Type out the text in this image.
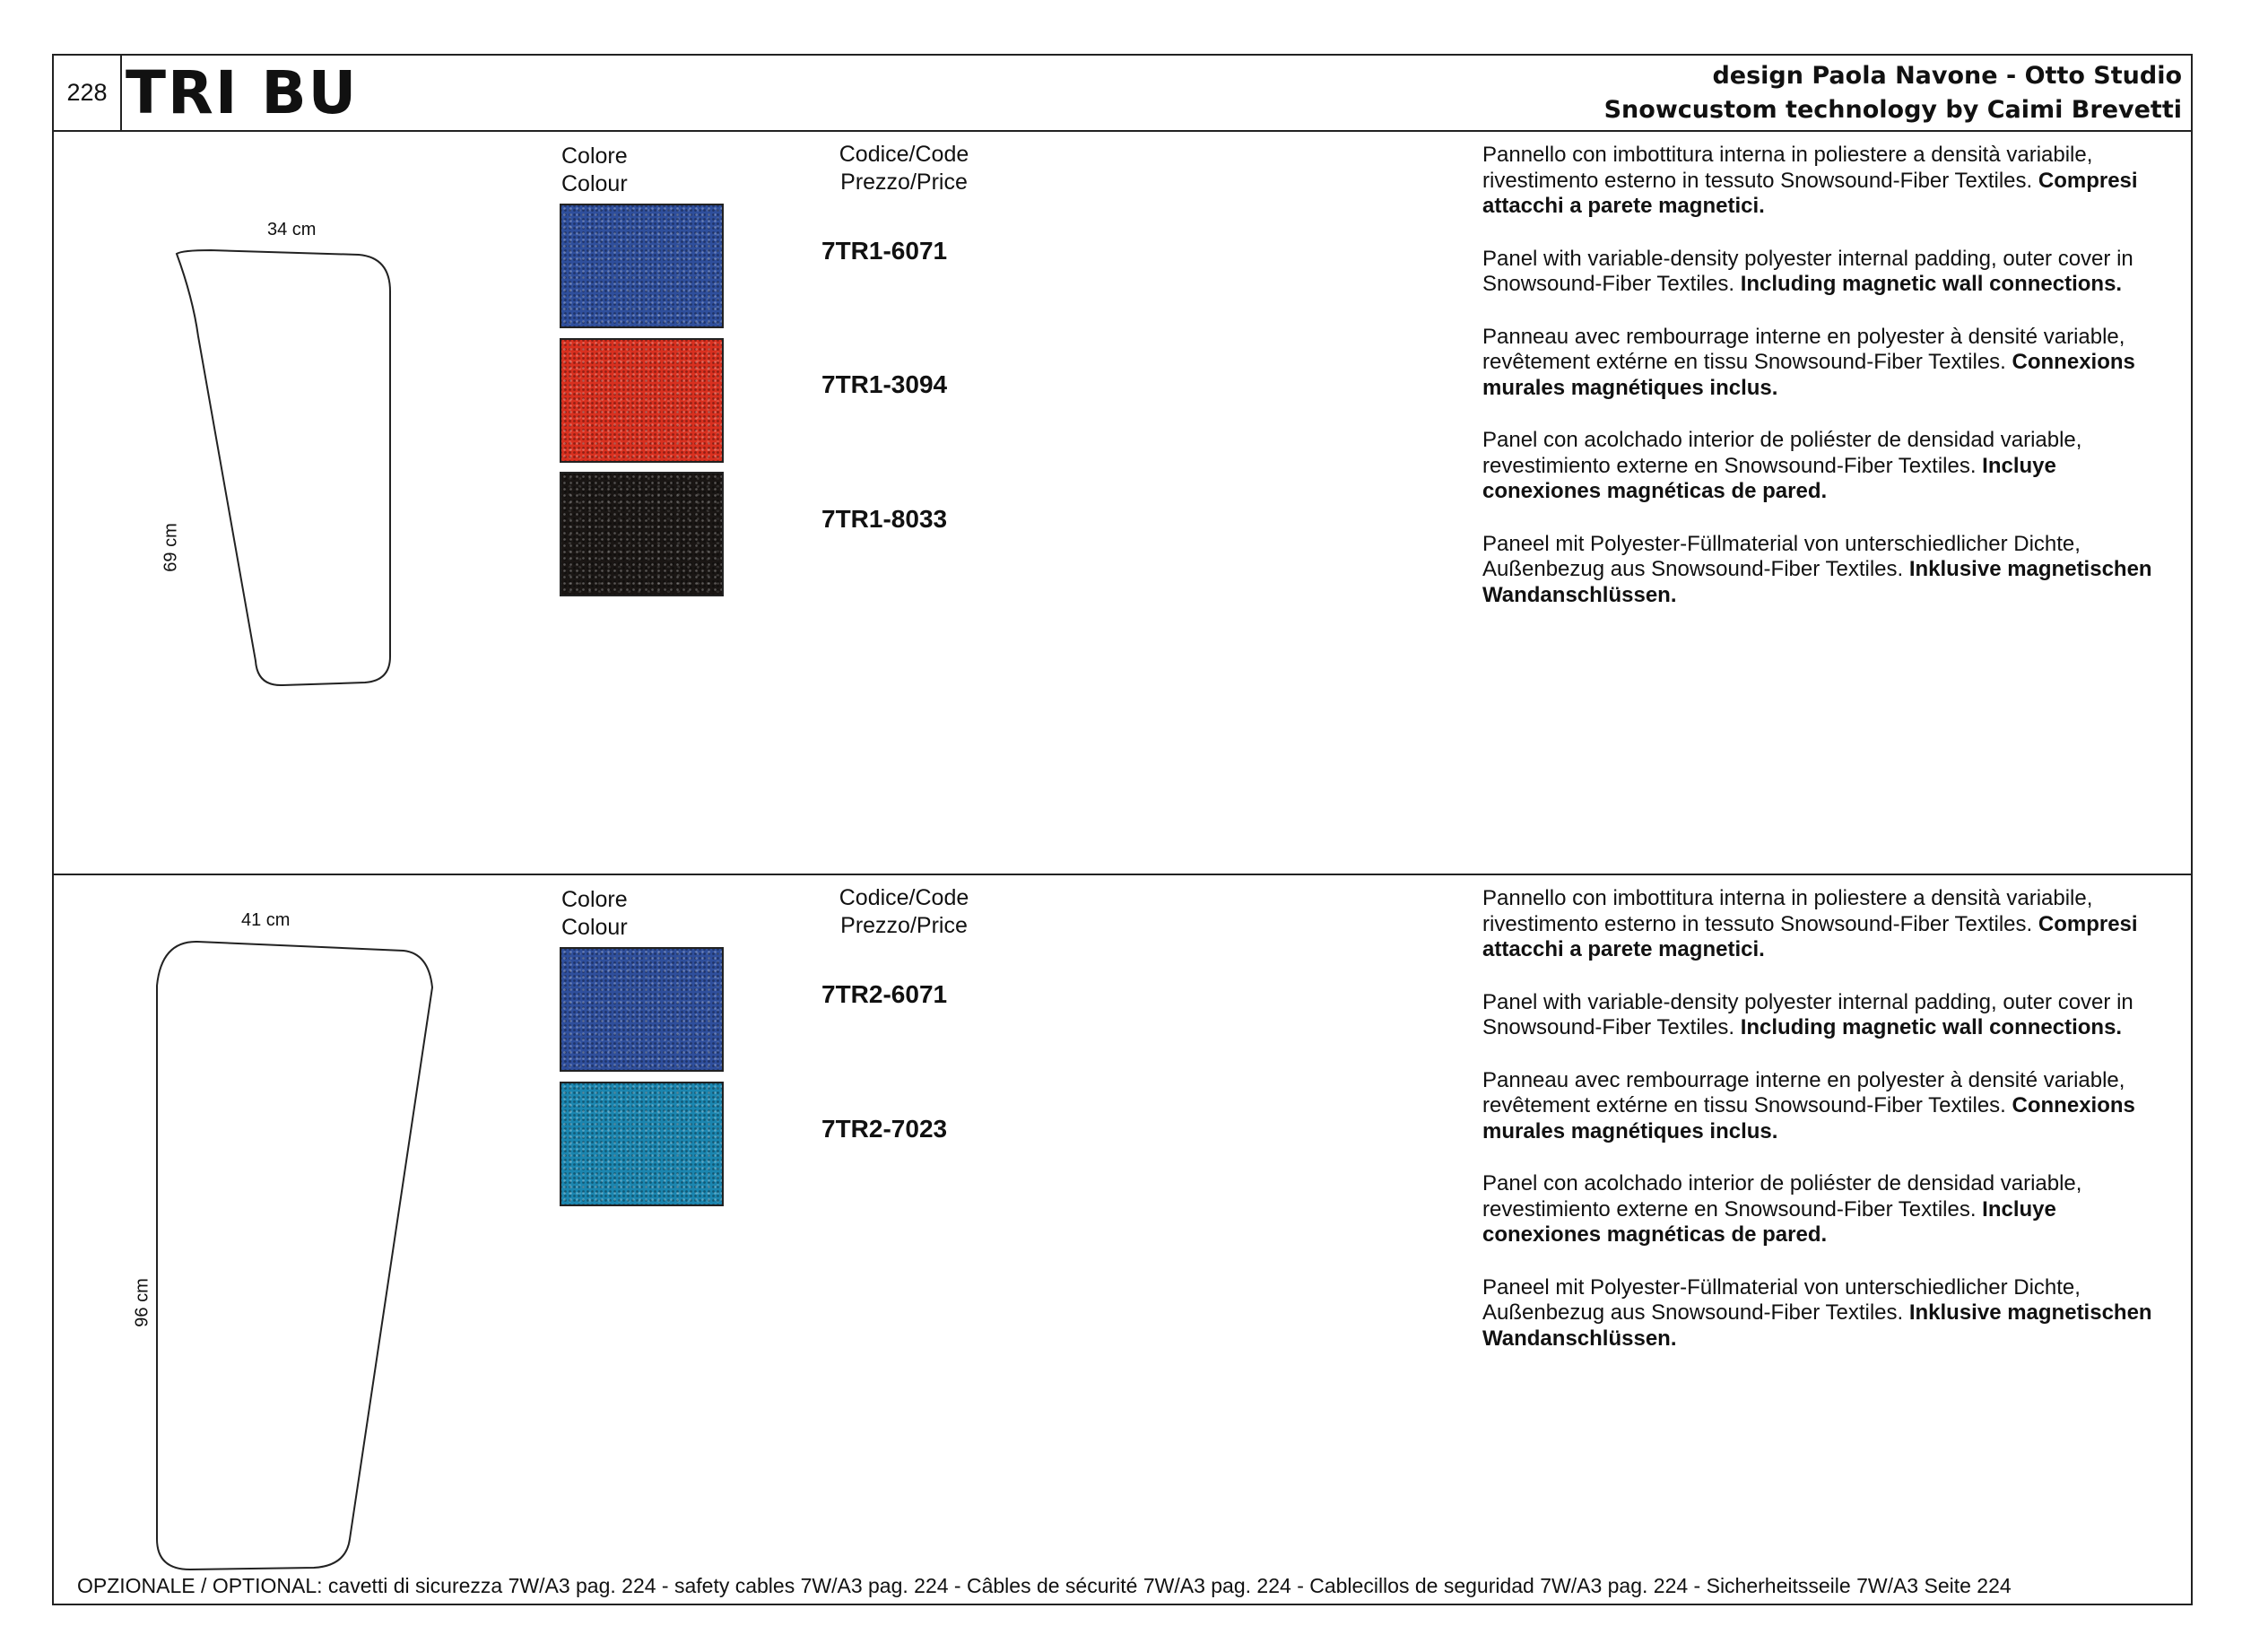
228 TRI BU	design Paola Navone - Otto Studio
Snowcustom technology by Caimi Brevetti
34 cm
69 cm
Colore
Colour
Codice/Code
Prezzo/Price
7TR1-6071
7TR1-3094
7TR1-8033

Pannello con imbottitura interna in poliestere a densità variabile, rivestimento esterno in tessuto Snowsound-Fiber Textiles. Compresi attacchi a parete magnetici.

Panel with variable-density polyester internal padding, outer cover in Snowsound-Fiber Textiles. Including magnetic wall connections.

Panneau avec rembourrage interne en polyester à densité variable, revêtement extérne en tissu Snowsound-Fiber Textiles. Connexions murales magnétiques inclus.

Panel con acolchado interior de poliéster de densidad variable, revestimiento externe en Snowsound-Fiber Textiles. Incluye conexiones magnéticas de pared.

Paneel mit Polyester-Füllmaterial von unterschiedlicher Dichte, Außenbezug aus Snowsound-Fiber Textiles. Inklusive magnetischen Wandanschlüssen.

41 cm
96 cm
Colore
Colour
Codice/Code
Prezzo/Price
7TR2-6071
7TR2-7023

Pannello con imbottitura interna in poliestere a densità variabile, rivestimento esterno in tessuto Snowsound-Fiber Textiles. Compresi attacchi a parete magnetici.

Panel with variable-density polyester internal padding, outer cover in Snowsound-Fiber Textiles. Including magnetic wall connections.

Panneau avec rembourrage interne en polyester à densité variable, revêtement extérne en tissu Snowsound-Fiber Textiles. Connexions murales magnétiques inclus.

Panel con acolchado interior de poliéster de densidad variable, revestimiento externe en Snowsound-Fiber Textiles. Incluye conexiones magnéticas de pared.

Paneel mit Polyester-Füllmaterial von unterschiedlicher Dichte, Außenbezug aus Snowsound-Fiber Textiles. Inklusive magnetischen Wandanschlüssen.

OPZIONALE / OPTIONAL: cavetti di sicurezza 7W/A3 pag. 224 - safety cables 7W/A3 pag. 224 - Câbles de sécurité 7W/A3 pag. 224 - Cablecillos de seguridad 7W/A3 pag. 224 - Sicherheitsseile 7W/A3 Seite 224
